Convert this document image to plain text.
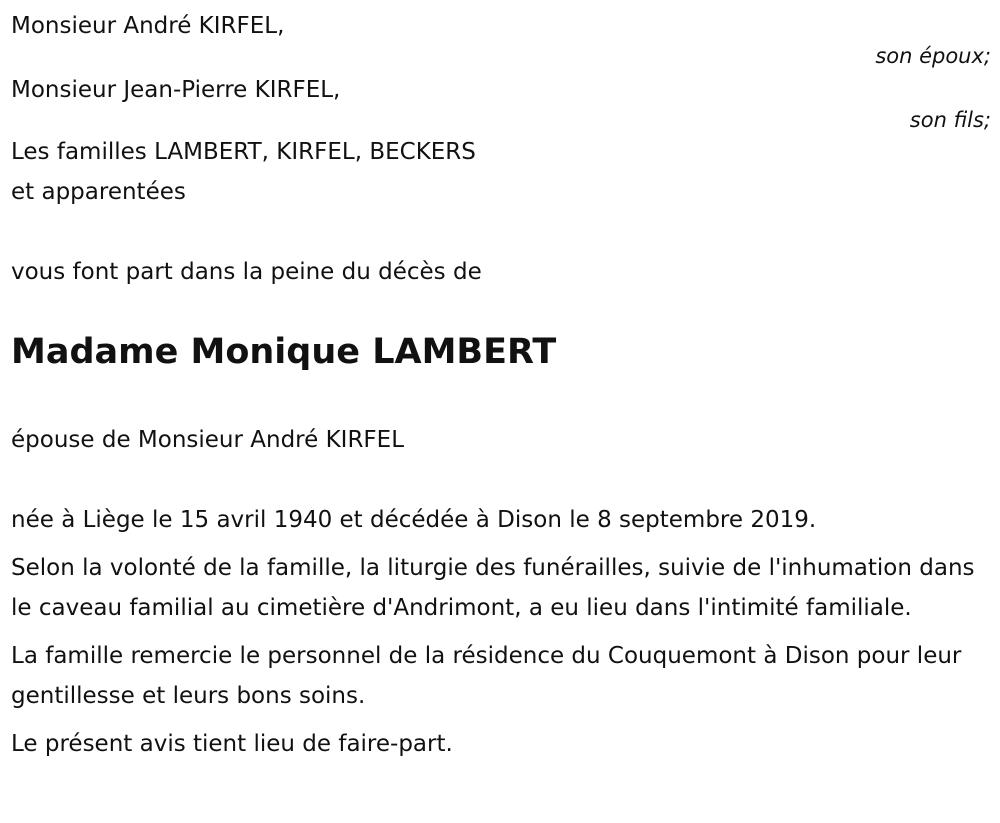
Monsieur André KIRFEL,

son époux;

Monsieur Jean-Pierre KIRFEL,

son fils;

Les familles LAMBERT, KIRFEL, BECKERS

et apparentées

vous font part dans la peine du décès de

Madame Monique LAMBERT

épouse de Monsieur André KIRFEL

née à Liège le 15 avril 1940 et décédée à Dison le 8 septembre 2019.

Selon la volonté de la famille, la liturgie des funérailles, suivie de l'inhumation dans le caveau familial au cimetière d'Andrimont, a eu lieu dans l'intimité familiale.

La famille remercie le personnel de la résidence du Couquemont à Dison pour leur gentillesse et leurs bons soins.

Le présent avis tient lieu de faire-part.
